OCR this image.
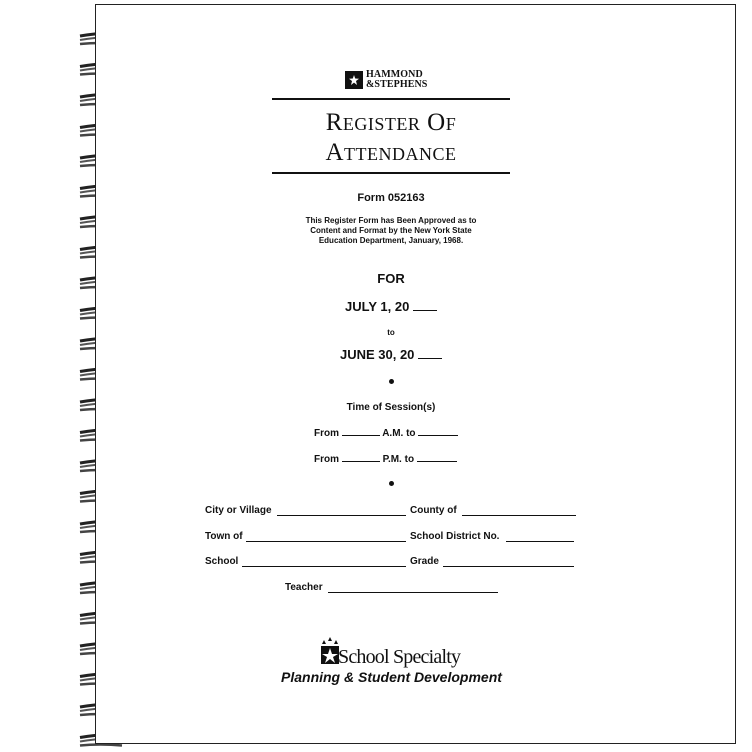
HAMMOND
&STEPHENS
Register Of
Attendance
Form 052163
This Register Form has Been Approved as to
Content and Format by the New York State
Education Department, January, 1968.
FOR
JULY 1, 20
to
JUNE 30, 20
Time of Session(s)
From	A.M. to
From	P.M. to
City or Village	County of
Town of	School District No.
School	Grade
Teacher
School Specialty
Planning & Student Development
